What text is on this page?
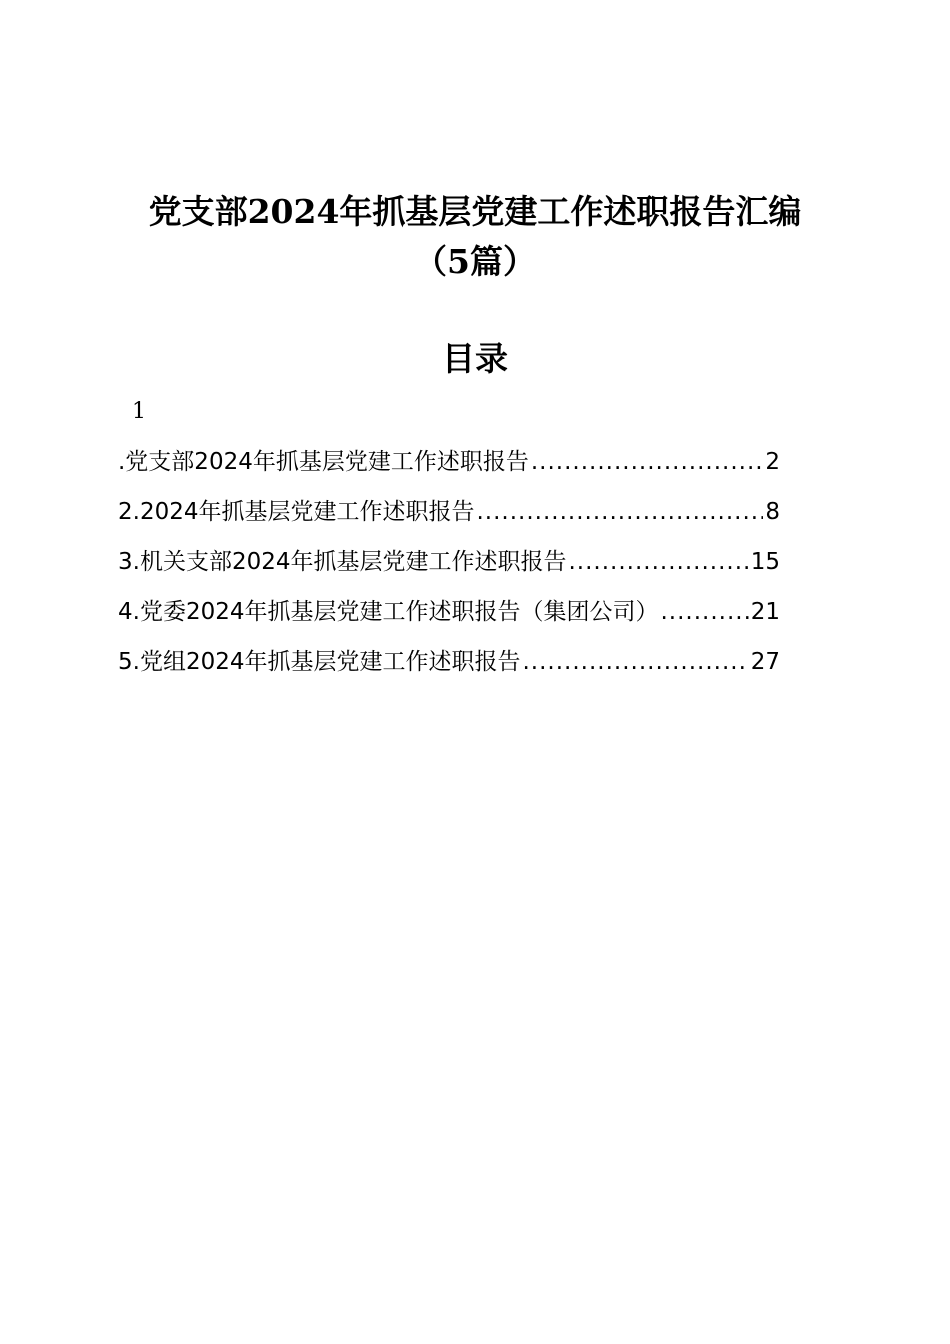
党支部2024年抓基层党建工作述职报告汇编
（5篇）
目录
1
.党支部2024年抓基层党建工作述职报告 .....	2
2.2024年抓基层党建工作述职报告 .....	8
3.机关支部2024年抓基层党建工作述职报告 .....	15
4.党委2024年抓基层党建工作述职报告（集团公司） .....	21
5.党组2024年抓基层党建工作述职报告 .....	27
